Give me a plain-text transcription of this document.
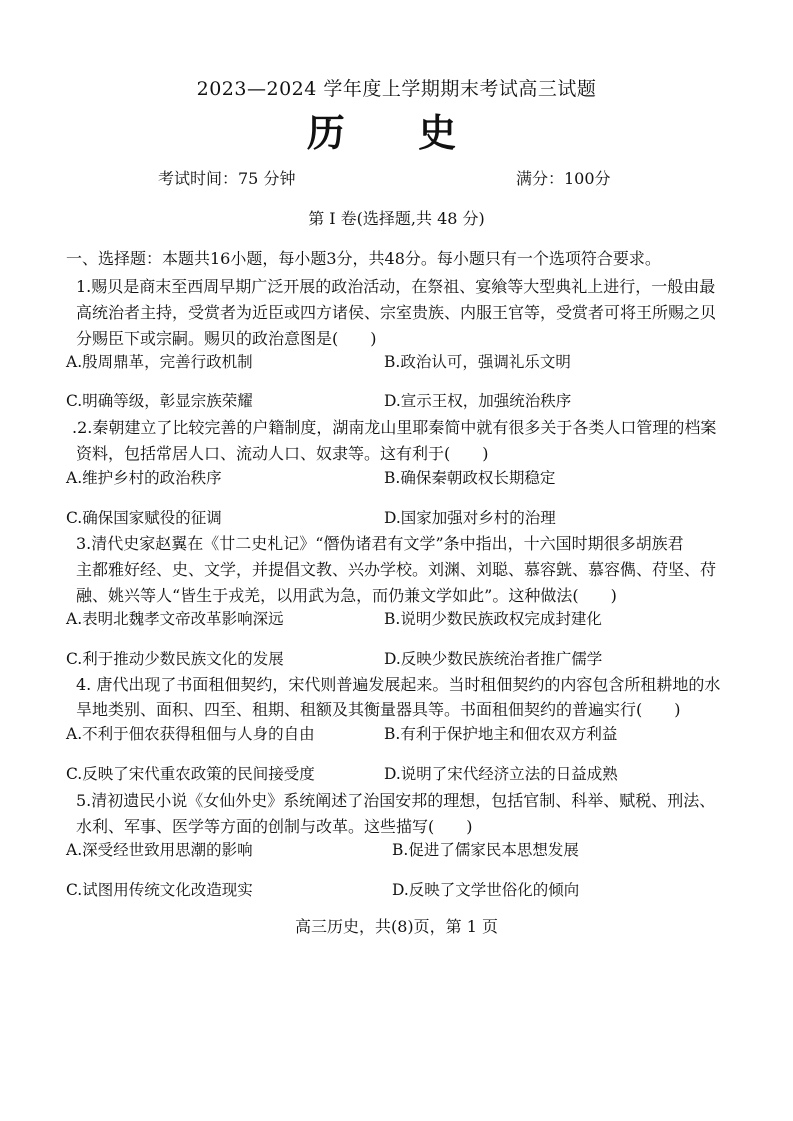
2023—2024 学年度上学期期末考试高三试题
历 史
考试时间：75 分钟	满分：100分
第 Ⅰ 卷(选择题,共 48 分)
一、选择题：本题共16小题，每小题3分，共48分。每小题只有一个选项符合要求。
1.赐贝是商末至西周早期广泛开展的政治活动，在祭祖、宴飨等大型典礼上进行，一般由最
高统治者主持，受赏者为近臣或四方诸侯、宗室贵族、内服王官等，受赏者可将王所赐之贝
分赐臣下或宗嗣。赐贝的政治意图是(　　)
A.殷周鼎革，完善行政机制	B.政治认可，强调礼乐文明
C.明确等级，彰显宗族荣耀	D.宣示王权，加强统治秩序
.2.秦朝建立了比较完善的户籍制度，湖南龙山里耶秦简中就有很多关于各类人口管理的档案
资料，包括常居人口、流动人口、奴隶等。这有利于(　　)
A.维护乡村的政治秩序	B.确保秦朝政权长期稳定
C.确保国家赋役的征调	D.国家加强对乡村的治理
3.清代史家赵翼在《廿二史札记》“僭伪诸君有文学”条中指出，十六国时期很多胡族君
主都雅好经、史、文学，并提倡文教、兴办学校。刘渊、刘聪、慕容皝、慕容儁、苻坚、苻
融、姚兴等人“皆生于戎羌，以用武为急，而仍兼文学如此”。这种做法(　　)
A.表明北魏孝文帝改革影响深远	B.说明少数民族政权完成封建化
C.利于推动少数民族文化的发展	D.反映少数民族统治者推广儒学
4. 唐代出现了书面租佃契约，宋代则普遍发展起来。当时租佃契约的内容包含所租耕地的水
旱地类别、面积、四至、租期、租额及其衡量器具等。书面租佃契约的普遍实行(　　)
A.不利于佃农获得租佃与人身的自由	B.有利于保护地主和佃农双方利益
C.反映了宋代重农政策的民间接受度	D.说明了宋代经济立法的日益成熟
5.清初遗民小说《女仙外史》系统阐述了治国安邦的理想，包括官制、科举、赋税、刑法、
水利、军事、医学等方面的创制与改革。这些描写(　　)
A.深受经世致用思潮的影响	B.促进了儒家民本思想发展
C.试图用传统文化改造现实	D.反映了文学世俗化的倾向
高三历史，共(8)页，第 1 页
